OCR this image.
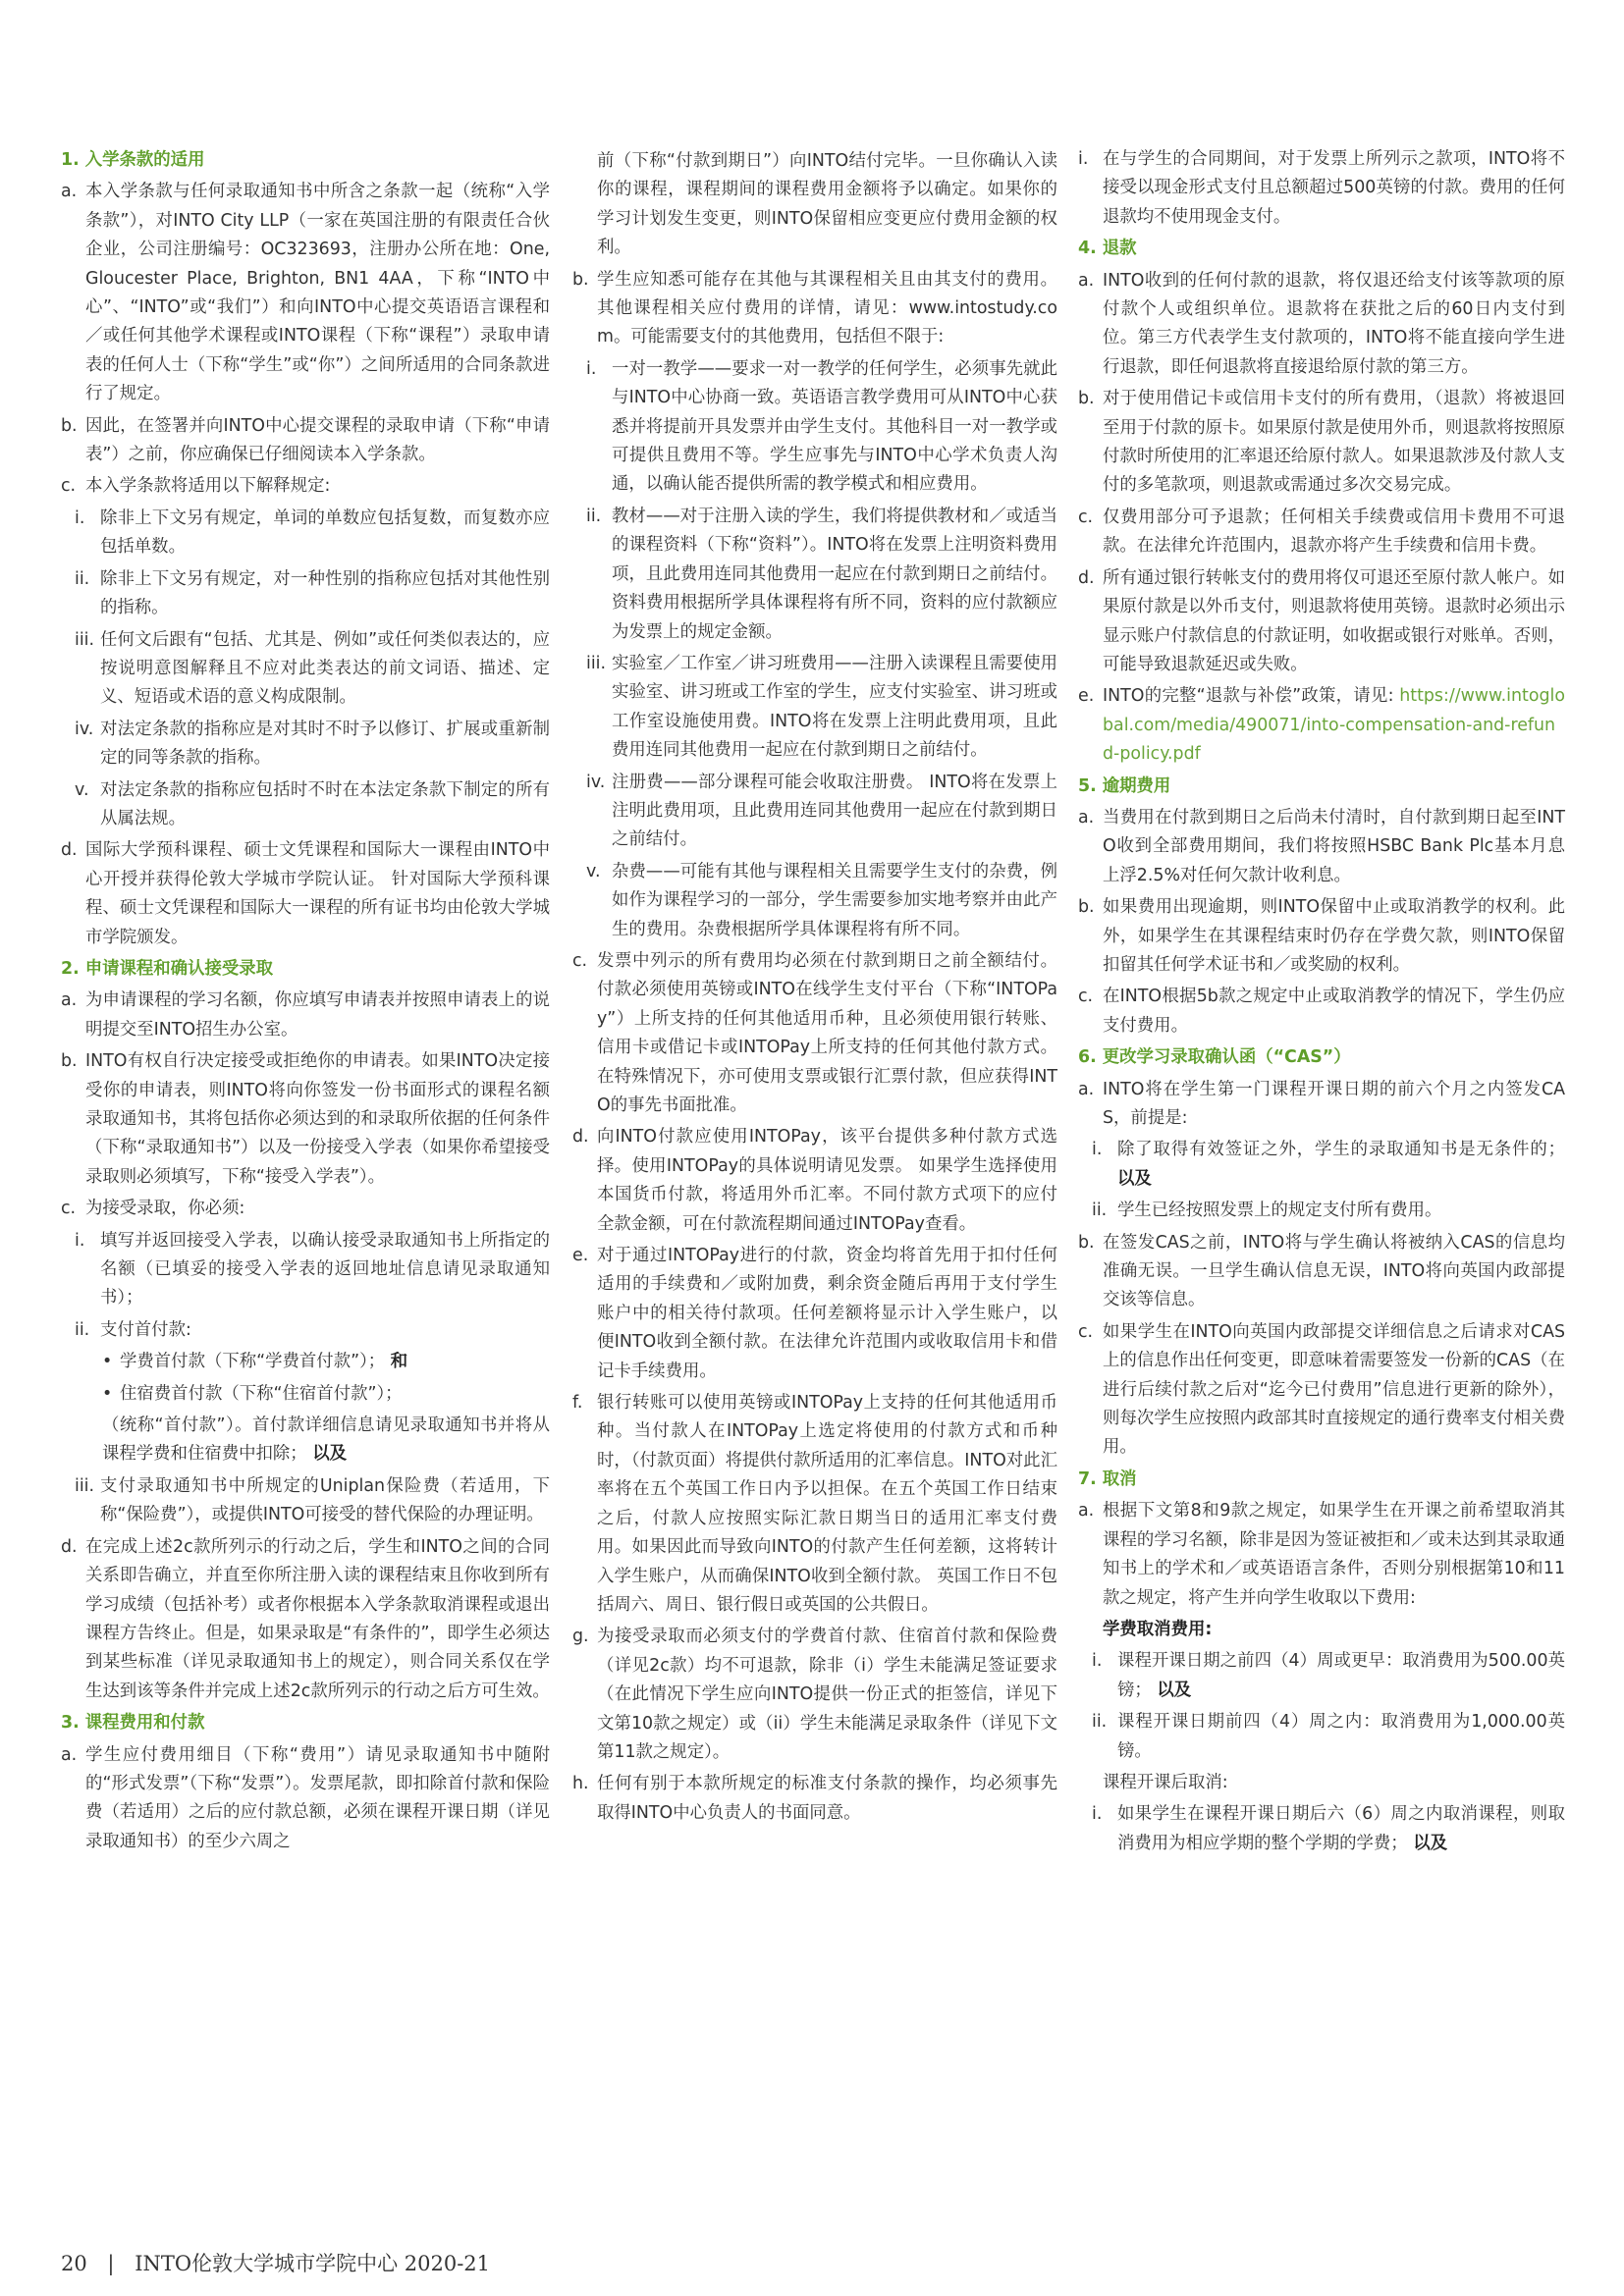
1. 入学条款的适用
a. 本入学条款与任何录取通知书中所含之条款一起（统称“入学条款”），对INTO City LLP（一家在英国注册的有限责任合伙企业，公司注册编号：OC323693，注册办公所在地：One, Gloucester Place, Brighton, BN1 4AA，下称“INTO中心”、“INTO”或“我们”）和向INTO中心提交英语语言课程和／或任何其他学术课程或INTO课程（下称“课程”）录取申请表的任何人士（下称“学生”或“你”）之间所适用的合同条款进行了规定。
b. 因此，在签署并向INTO中心提交课程的录取申请（下称“申请表”）之前，你应确保已仔细阅读本入学条款。
c. 本入学条款将适用以下解释规定:
i. 除非上下文另有规定，单词的单数应包括复数，而复数亦应包括单数。
ii. 除非上下文另有规定，对一种性别的指称应包括对其他性别的指称。
iii. 任何文后跟有“包括、尤其是、例如”或任何类似表达的，应按说明意图解释且不应对此类表达的前文词语、描述、定义、短语或术语的意义构成限制。
iv. 对法定条款的指称应是对其时不时予以修订、扩展或重新制定的同等条款的指称。
v. 对法定条款的指称应包括时不时在本法定条款下制定的所有从属法规。
d. 国际大学预科课程、硕士文凭课程和国际大一课程由INTO中心开授并获得伦敦大学城市学院认证。 针对国际大学预科课程、硕士文凭课程和国际大一课程的所有证书均由伦敦大学城市学院颁发。
2. 申请课程和确认接受录取
a. 为申请课程的学习名额，你应填写申请表并按照申请表上的说明提交至INTO招生办公室。
b. INTO有权自行决定接受或拒绝你的申请表。如果INTO决定接受你的申请表，则INTO将向你签发一份书面形式的课程名额录取通知书，其将包括你必须达到的和录取所依据的任何条件（下称“录取通知书”）以及一份接受入学表（如果你希望接受录取则必须填写，下称“接受入学表”）。
c. 为接受录取，你必须:
i. 填写并返回接受入学表，以确认接受录取通知书上所指定的名额（已填妥的接受入学表的返回地址信息请见录取通知书）；
ii. 支付首付款:
• 学费首付款（下称“学费首付款”）； 和
• 住宿费首付款（下称“住宿首付款”）；
（统称“首付款”）。首付款详细信息请见录取通知书并将从课程学费和住宿费中扣除； 以及
iii. 支付录取通知书中所规定的Uniplan保险费（若适用，下称“保险费”），或提供INTO可接受的替代保险的办理证明。
d. 在完成上述2c款所列示的行动之后，学生和INTO之间的合同关系即告确立，并直至你所注册入读的课程结束且你收到所有学习成绩（包括补考）或者你根据本入学条款取消课程或退出课程方告终止。但是，如果录取是“有条件的”，即学生必须达到某些标准（详见录取通知书上的规定），则合同关系仅在学生达到该等条件并完成上述2c款所列示的行动之后方可生效。
3. 课程费用和付款
a. 学生应付费用细目（下称“费用”）请见录取通知书中随附的“形式发票”（下称“发票”）。发票尾款，即扣除首付款和保险费（若适用）之后的应付款总额，必须在课程开课日期（详见录取通知书）的至少六周之
前（下称“付款到期日”）向INTO结付完毕。一旦你确认入读你的课程，课程期间的课程费用金额将予以确定。如果你的学习计划发生变更，则INTO保留相应变更应付费用金额的权利。
b. 学生应知悉可能存在其他与其课程相关且由其支付的费用。其他课程相关应付费用的详情，请见：www.intostudy.com。可能需要支付的其他费用，包括但不限于:
i. 一对一教学——要求一对一教学的任何学生，必须事先就此与INTO中心协商一致。英语语言教学费用可从INTO中心获悉并将提前开具发票并由学生支付。其他科目一对一教学或可提供且费用不等。学生应事先与INTO中心学术负责人沟通，以确认能否提供所需的教学模式和相应费用。
ii. 教材——对于注册入读的学生，我们将提供教材和／或适当的课程资料（下称“资料”）。INTO将在发票上注明资料费用项，且此费用连同其他费用一起应在付款到期日之前结付。 资料费用根据所学具体课程将有所不同，资料的应付款额应为发票上的规定金额。
iii. 实验室／工作室／讲习班费用——注册入读课程且需要使用实验室、讲习班或工作室的学生，应支付实验室、讲习班或工作室设施使用费。INTO将在发票上注明此费用项，且此费用连同其他费用一起应在付款到期日之前结付。
iv. 注册费——部分课程可能会收取注册费。 INTO将在发票上注明此费用项，且此费用连同其他费用一起应在付款到期日之前结付。
v. 杂费——可能有其他与课程相关且需要学生支付的杂费，例如作为课程学习的一部分，学生需要参加实地考察并由此产生的费用。杂费根据所学具体课程将有所不同。
c. 发票中列示的所有费用均必须在付款到期日之前全额结付。付款必须使用英镑或INTO在线学生支付平台（下称“INTOPay”）上所支持的任何其他适用币种，且必须使用银行转账、信用卡或借记卡或INTOPay上所支持的任何其他付款方式。在特殊情况下，亦可使用支票或银行汇票付款，但应获得INTO的事先书面批准。
d. 向INTO付款应使用INTOPay，该平台提供多种付款方式选择。使用INTOPay的具体说明请见发票。 如果学生选择使用本国货币付款，将适用外币汇率。不同付款方式项下的应付全款金额，可在付款流程期间通过INTOPay查看。
e. 对于通过INTOPay进行的付款，资金均将首先用于扣付任何适用的手续费和／或附加费，剩余资金随后再用于支付学生账户中的相关待付款项。任何差额将显示计入学生账户，以便INTO收到全额付款。在法律允许范围内或收取信用卡和借记卡手续费用。
f. 银行转账可以使用英镑或INTOPay上支持的任何其他适用币种。当付款人在INTOPay上选定将使用的付款方式和币种时，（付款页面）将提供付款所适用的汇率信息。INTO对此汇率将在五个英国工作日内予以担保。在五个英国工作日结束之后，付款人应按照实际汇款日期当日的适用汇率支付费用。如果因此而导致向INTO的付款产生任何差额，这将转计入学生账户，从而确保INTO收到全额付款。 英国工作日不包括周六、周日、银行假日或英国的公共假日。
g. 为接受录取而必须支付的学费首付款、住宿首付款和保险费（详见2c款）均不可退款，除非（i）学生未能满足签证要求（在此情况下学生应向INTO提供一份正式的拒签信，详见下文第10款之规定）或（ii）学生未能满足录取条件（详见下文第11款之规定）。
h. 任何有别于本款所规定的标准支付条款的操作，均必须事先取得INTO中心负责人的书面同意。
i. 在与学生的合同期间，对于发票上所列示之款项，INTO将不接受以现金形式支付且总额超过500英镑的付款。费用的任何退款均不使用现金支付。
4. 退款
a. INTO收到的任何付款的退款，将仅退还给支付该等款项的原付款个人或组织单位。退款将在获批之后的60日内支付到位。第三方代表学生支付款项的，INTO将不能直接向学生进行退款，即任何退款将直接退给原付款的第三方。
b. 对于使用借记卡或信用卡支付的所有费用，（退款）将被退回至用于付款的原卡。如果原付款是使用外币，则退款将按照原付款时所使用的汇率退还给原付款人。如果退款涉及付款人支付的多笔款项，则退款或需通过多次交易完成。
c. 仅费用部分可予退款；任何相关手续费或信用卡费用不可退款。在法律允许范围内，退款亦将产生手续费和信用卡费。
d. 所有通过银行转帐支付的费用将仅可退还至原付款人帐户。如果原付款是以外币支付，则退款将使用英镑。退款时必须出示显示账户付款信息的付款证明，如收据或银行对账单。否则，可能导致退款延迟或失败。
e. INTO的完整“退款与补偿”政策，请见: https://www.intoglobal.com/media/490071/into-compensation-and-refund-policy.pdf
5. 逾期费用
a. 当费用在付款到期日之后尚未付清时，自付款到期日起至INTO收到全部费用期间，我们将按照HSBC Bank Plc基本月息上浮2.5%对任何欠款计收利息。
b. 如果费用出现逾期，则INTO保留中止或取消教学的权利。此外，如果学生在其课程结束时仍存在学费欠款，则INTO保留扣留其任何学术证书和／或奖励的权利。
c. 在INTO根据5b款之规定中止或取消教学的情况下，学生仍应支付费用。
6. 更改学习录取确认函（“CAS”）
a. INTO将在学生第一门课程开课日期的前六个月之内签发CAS，前提是:
i. 除了取得有效签证之外，学生的录取通知书是无条件的； 以及
ii. 学生已经按照发票上的规定支付所有费用。
b. 在签发CAS之前，INTO将与学生确认将被纳入CAS的信息均准确无误。一旦学生确认信息无误，INTO将向英国内政部提交该等信息。
c. 如果学生在INTO向英国内政部提交详细信息之后请求对CAS上的信息作出任何变更，即意味着需要签发一份新的CAS（在进行后续付款之后对“迄今已付费用”信息进行更新的除外），则每次学生应按照内政部其时直接规定的通行费率支付相关费用。
7. 取消
a. 根据下文第8和9款之规定，如果学生在开课之前希望取消其课程的学习名额，除非是因为签证被拒和／或未达到其录取通知书上的学术和／或英语语言条件，否则分别根据第10和11款之规定，将产生并向学生收取以下费用:
学费取消费用:
i. 课程开课日期之前四（4）周或更早：取消费用为500.00英镑； 以及
ii. 课程开课日期前四（4）周之内：取消费用为1,000.00英镑。
课程开课后取消:
i. 如果学生在课程开课日期后六（6）周之内取消课程，则取消费用为相应学期的整个学期的学费； 以及
20 | INTO伦敦大学城市学院中心 2020-21
